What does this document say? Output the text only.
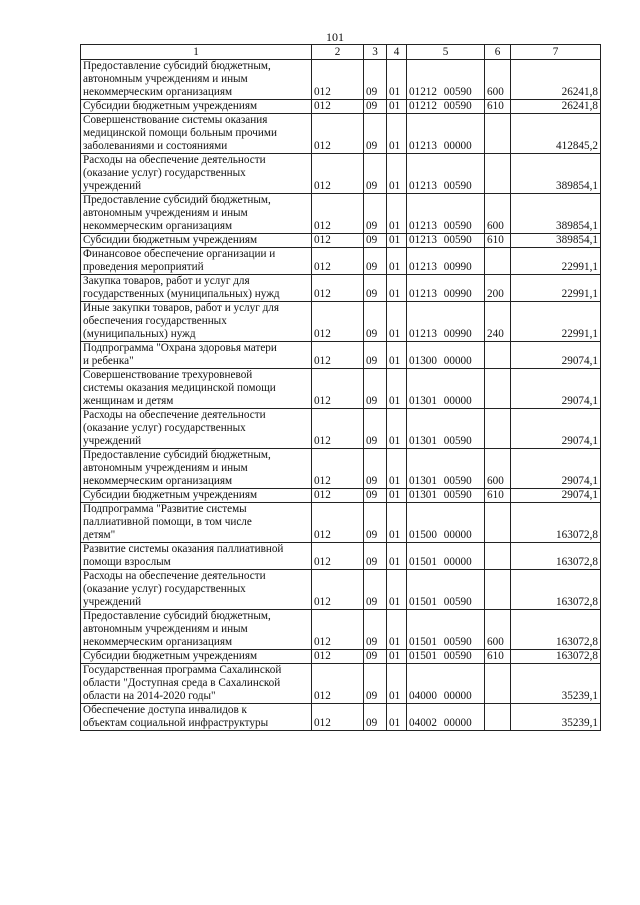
101
1	2	3	4	5	6	7
Предоставление субсидий бюджетным,
автономным учреждениям и иным
некоммерческим организациям	012	09	01	01212 00590	600	26241,8
Субсидии бюджетным учреждениям	012	09	01	01212 00590	610	26241,8
Совершенствование системы оказания
медицинской помощи больным прочими
заболеваниями и состояниями	012	09	01	01213 00000		412845,2
Расходы на обеспечение деятельности
(оказание услуг) государственных
учреждений	012	09	01	01213 00590		389854,1
Предоставление субсидий бюджетным,
автономным учреждениям и иным
некоммерческим организациям	012	09	01	01213 00590	600	389854,1
Субсидии бюджетным учреждениям	012	09	01	01213 00590	610	389854,1
Финансовое обеспечение организации и
проведения мероприятий	012	09	01	01213 00990		22991,1
Закупка товаров, работ и услуг для
государственных (муниципальных) нужд	012	09	01	01213 00990	200	22991,1
Иные закупки товаров, работ и услуг для
обеспечения государственных
(муниципальных) нужд	012	09	01	01213 00990	240	22991,1
Подпрограмма "Охрана здоровья матери
и ребенка"	012	09	01	01300 00000		29074,1
Совершенствование трехуровневой
системы оказания медицинской помощи
женщинам и детям	012	09	01	01301 00000		29074,1
Расходы на обеспечение деятельности
(оказание услуг) государственных
учреждений	012	09	01	01301 00590		29074,1
Предоставление субсидий бюджетным,
автономным учреждениям и иным
некоммерческим организациям	012	09	01	01301 00590	600	29074,1
Субсидии бюджетным учреждениям	012	09	01	01301 00590	610	29074,1
Подпрограмма "Развитие системы
паллиативной помощи, в том числе
детям"	012	09	01	01500 00000		163072,8
Развитие системы оказания паллиативной
помощи взрослым	012	09	01	01501 00000		163072,8
Расходы на обеспечение деятельности
(оказание услуг) государственных
учреждений	012	09	01	01501 00590		163072,8
Предоставление субсидий бюджетным,
автономным учреждениям и иным
некоммерческим организациям	012	09	01	01501 00590	600	163072,8
Субсидии бюджетным учреждениям	012	09	01	01501 00590	610	163072,8
Государственная программа Сахалинской
области "Доступная среда в Сахалинской
области на 2014-2020 годы"	012	09	01	04000 00000		35239,1
Обеспечение доступа инвалидов к
объектам социальной инфраструктуры	012	09	01	04002 00000		35239,1
